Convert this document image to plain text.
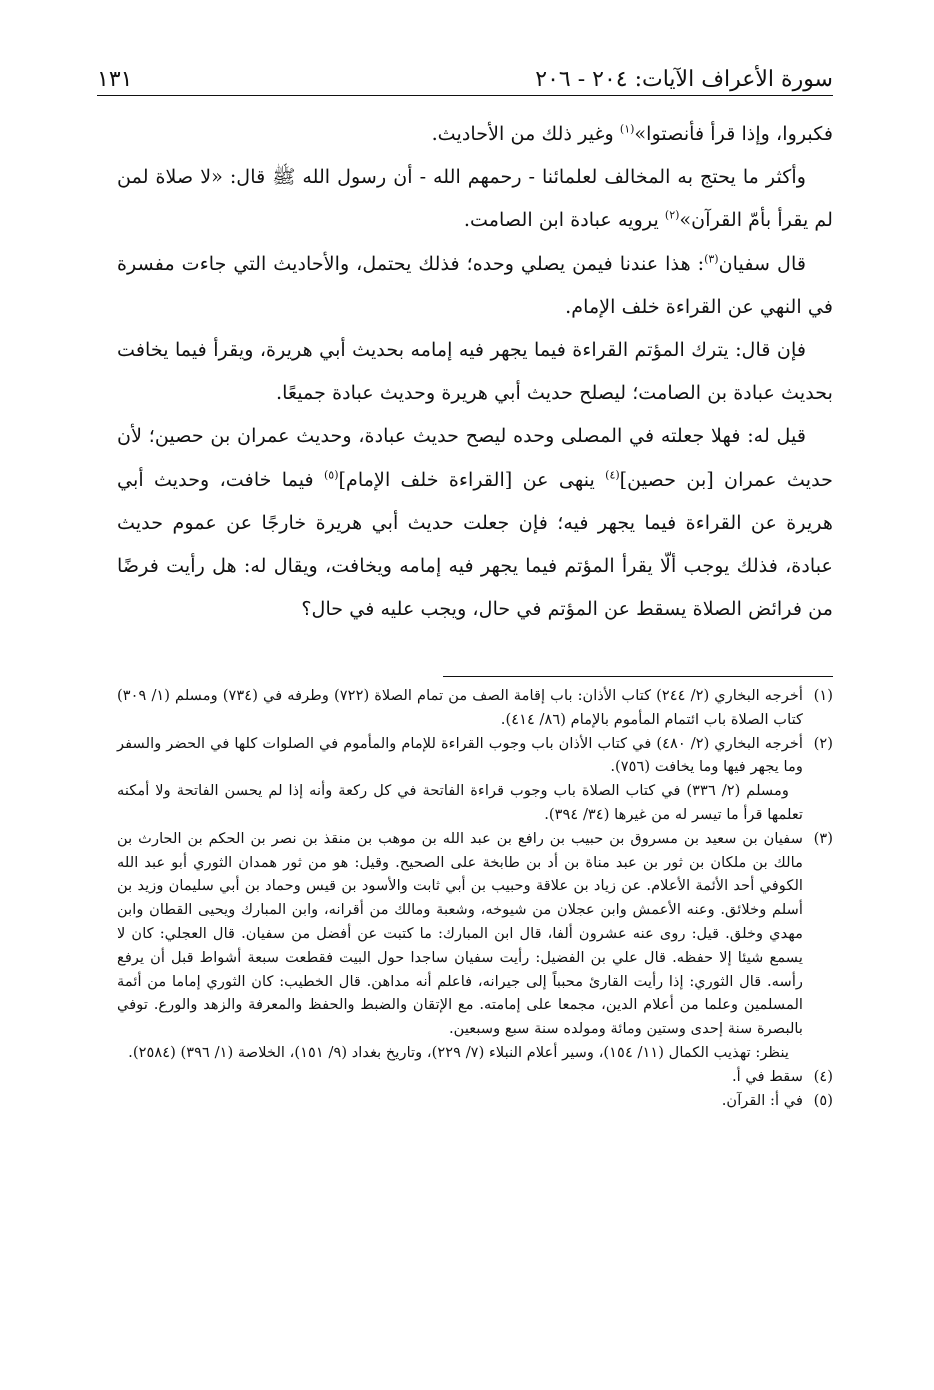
سورة الأعراف الآيات: ٢٠٤ - ٢٠٦
١٣١

فكبروا، وإذا قرأ فأنصتوا»$^{(١)}$ وغير ذلك من الأحاديث.

وأكثر ما يحتج به المخالف لعلمائنا - رحمهم الله - أن رسول الله ﷺ قال: «لا صلاة لمن لم يقرأ بأمّ القرآن»$^{(٢)}$ يرويه عبادة ابن الصامت.

قال سفيان$^{(٣)}$: هذا عندنا فيمن يصلي وحده؛ فذلك يحتمل، والأحاديث التي جاءت مفسرة في النهي عن القراءة خلف الإمام.

فإن قال: يترك المؤتم القراءة فيما يجهر فيه إمامه بحديث أبي هريرة، ويقرأ فيما يخافت بحديث عبادة بن الصامت؛ ليصلح حديث أبي هريرة وحديث عبادة جميعًا.

قيل له: فهلا جعلته في المصلى وحده ليصح حديث عبادة، وحديث عمران بن حصين؛ لأن حديث عمران [بن حصين]$^{(٤)}$ ينهى عن [القراءة خلف الإمام]$^{(٥)}$ فيما خافت، وحديث أبي هريرة عن القراءة فيما يجهر فيه؛ فإن جعلت حديث أبي هريرة خارجًا عن عموم حديث عبادة، فذلك يوجب ألّا يقرأ المؤتم فيما يجهر فيه إمامه ويخافت، ويقال له: هل رأيت فرضًا من فرائض الصلاة يسقط عن المؤتم في حال، ويجب عليه في حال؟

(١)

أخرجه البخاري (٢/ ٢٤٤) كتاب الأذان: باب إقامة الصف من تمام الصلاة (٧٢٢) وطرفه في (٧٣٤) ومسلم (١/ ٣٠٩) كتاب الصلاة باب ائتمام المأموم بالإمام (٨٦/ ٤١٤).

(٢)

أخرجه البخاري (٢/ ٤٨٠) في كتاب الأذان باب وجوب القراءة للإمام والمأموم في الصلوات كلها في الحضر والسفر وما يجهر فيها وما يخافت (٧٥٦).

ومسلم (٢/ ٣٣٦) في كتاب الصلاة باب وجوب قراءة الفاتحة في كل ركعة وأنه إذا لم يحسن الفاتحة ولا أمكنه تعلمها قرأ ما تيسر له من غيرها (٣٤/ ٣٩٤).

(٣)

سفيان بن سعيد بن مسروق بن حبيب بن رافع بن عبد الله بن موهب بن منقذ بن نصر بن الحكم بن الحارث بن مالك بن ملكان بن ثور بن عبد مناة بن أد بن طابخة على الصحيح. وقيل: هو من ثور همدان الثوري أبو عبد الله الكوفي أحد الأئمة الأعلام. عن زياد بن علاقة وحبيب بن أبي ثابت والأسود بن قيس وحماد بن أبي سليمان وزيد بن أسلم وخلائق. وعنه الأعمش وابن عجلان من شيوخه، وشعبة ومالك من أقرانه، وابن المبارك ويحيى القطان وابن مهدي وخلق. قيل: روى عنه عشرون ألفا، قال ابن المبارك: ما كتبت عن أفضل من سفيان. قال العجلي: كان لا يسمع شيئا إلا حفظه. قال علي بن الفضيل: رأيت سفيان ساجدا حول البيت فقطعت سبعة أشواط قبل أن يرفع رأسه. قال الثوري: إذا رأيت القارئ محبباً إلى جيرانه، فاعلم أنه مداهن. قال الخطيب: كان الثوري إماما من أئمة المسلمين وعلما من أعلام الدين، مجمعا على إمامته. مع الإتقان والضبط والحفظ والمعرفة والزهد والورع. توفي بالبصرة سنة إحدى وستين ومائة ومولده سنة سبع وسبعين.

ينظر: تهذيب الكمال (١١/ ١٥٤)، وسير أعلام النبلاء (٧/ ٢٢٩)، وتاريخ بغداد (٩/ ١٥١)، الخلاصة (١/ ٣٩٦) (٢٥٨٤).

(٤)

سقط في أ.

(٥)

في أ: القرآن.
